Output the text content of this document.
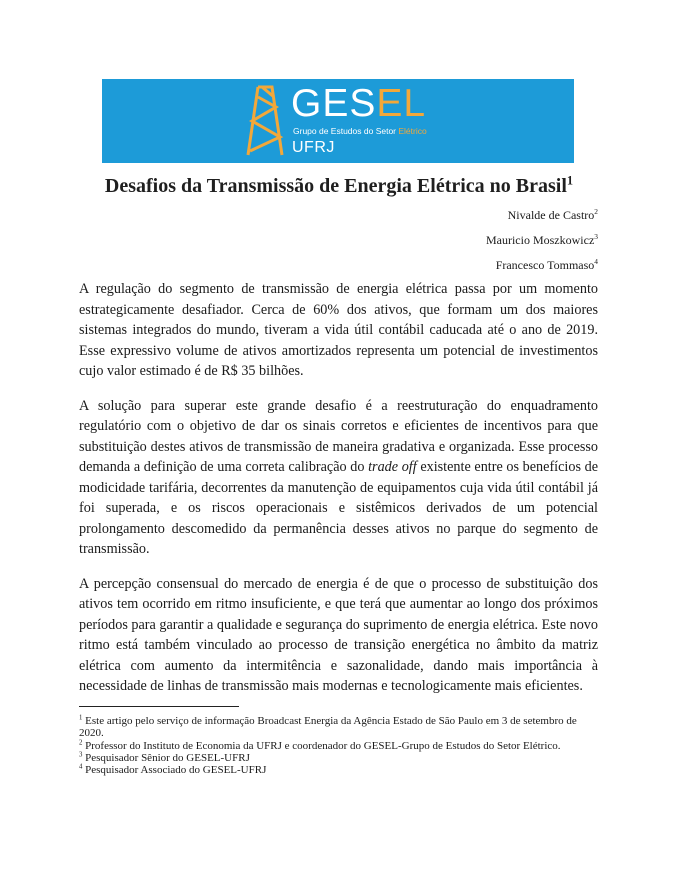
GESEL
Grupo de Estudos do Setor Elétrico
UFRJ
Desafios da Transmissão de Energia Elétrica no Brasil$^1$
Nivalde de Castro$^2$
Mauricio Moszkowicz$^3$
Francesco Tommaso$^4$

A regulação do segmento de transmissão de energia elétrica passa por um momento estrategicamente desafiador. Cerca de 60% dos ativos, que formam um dos maiores sistemas integrados do mundo, tiveram a vida útil contábil caducada até o ano de 2019. Esse expressivo volume de ativos amortizados representa um potencial de investimentos cujo valor estimado é de R$ 35 bilhões.

A solução para superar este grande desafio é a reestruturação do enquadramento regulatório com o objetivo de dar os sinais corretos e eficientes de incentivos para que substituição destes ativos de transmissão de maneira gradativa e organizada. Esse processo demanda a definição de uma correta calibração do trade off existente entre os benefícios de modicidade tarifária, decorrentes da manutenção de equipamentos cuja vida útil contábil já foi superada, e os riscos operacionais e sistêmicos derivados de um potencial prolongamento descomedido da permanência desses ativos no parque do segmento de transmissão.

A percepção consensual do mercado de energia é de que o processo de substituição dos ativos tem ocorrido em ritmo insuficiente, e que terá que aumentar ao longo dos próximos períodos para garantir a qualidade e segurança do suprimento de energia elétrica. Este novo ritmo está também vinculado ao processo de transição energética no âmbito da matriz elétrica com aumento da intermitência e sazonalidade, dando mais importância à necessidade de linhas de transmissão mais modernas e tecnologicamente mais eficientes.

$^1$ Este artigo pelo serviço de informação Broadcast Energia da Agência Estado de São Paulo em 3 de setembro de 2020.

$^2$ Professor do Instituto de Economia da UFRJ e coordenador do GESEL-Grupo de Estudos do Setor Elétrico.

$^3$ Pesquisador Sênior do GESEL-UFRJ

$^4$ Pesquisador Associado do GESEL-UFRJ
